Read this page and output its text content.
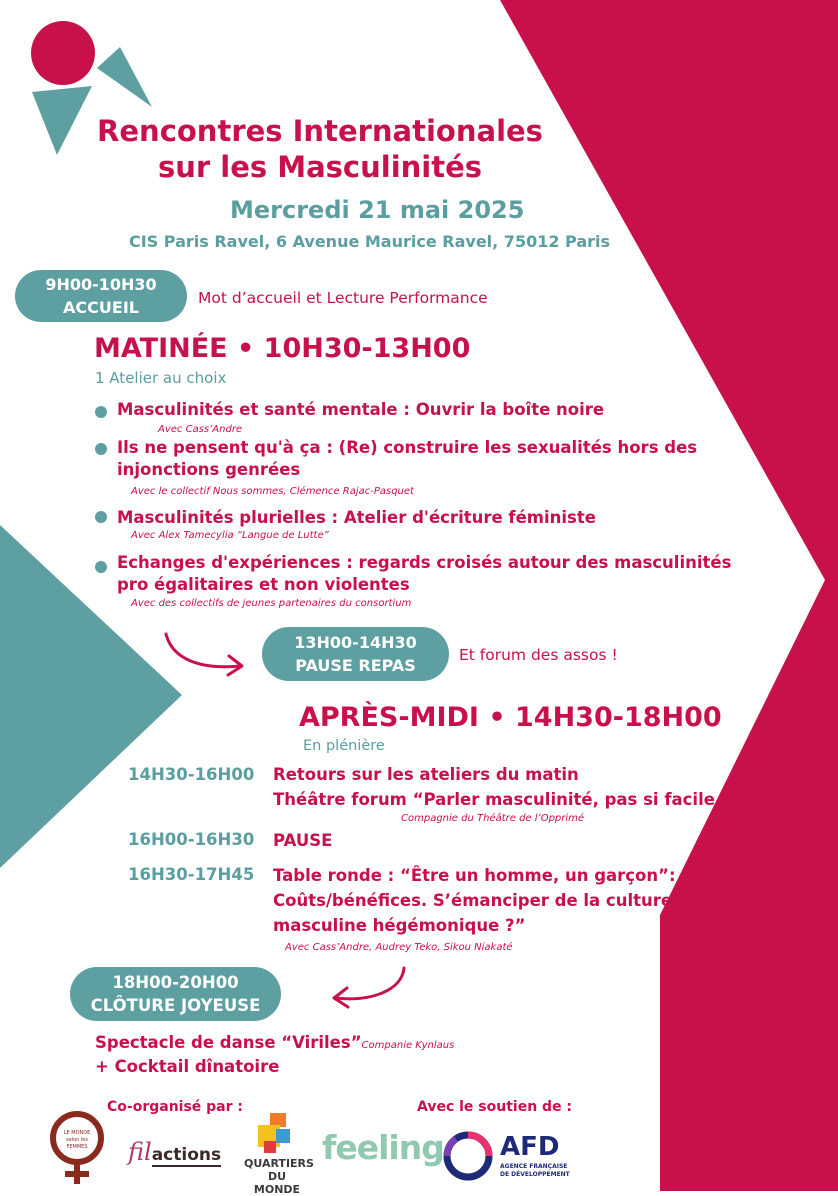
Rencontres Internationales
sur les Masculinités
Mercredi 21 mai 2025
CIS Paris Ravel, 6 Avenue Maurice Ravel, 75012 Paris
9H00-10H30
ACCUEIL	Mot d’accueil et Lecture Performance
MATINÉE • 10H30-13H00
1 Atelier au choix
Masculinités et santé mentale : Ouvrir la boîte noire
Avec Cass’Andre
Ils ne pensent qu'à ça : (Re) construire les sexualités hors des
injonctions genrées
Avec le collectif Nous sommes, Clémence Rajac-Pasquet
Masculinités plurielles : Atelier d'écriture féministe
Avec Alex Tamecylia “Langue de Lutte”
Echanges d'expériences : regards croisés autour des masculinités
pro égalitaires et non violentes
Avec des collectifs de jeunes partenaires du consortium
13H00-14H30
PAUSE REPAS
Et forum des assos !
APRÈS-MIDI • 14H30-18H00
En plénière
14H30-16H00 Retours sur les ateliers du matin
Théâtre forum “Parler masculinité, pas si facile ?”
Compagnie du Théâtre de l’Opprimé
16H00-16H30 PAUSE
16H30-17H45 Table ronde : “Être un homme, un garçon”:
Coûts/bénéfices. S’émanciper de la culture
masculine hégémonique ?”
Avec Cass’Andre, Audrey Teko, Sikou Niakaté
18H00-20H00
CLÔTURE JOYEUSE
Spectacle de danse “Viriles”Companie Kynlaus
+ Cocktail dînatoire
Co-organisé par :	Avec le soutien de :
LE MONDE
selon les
FEMMES filactions QUARTIERS
DU MONDE
feeling AFD
AGENCE FRANÇAISE
DE DÉVELOPPEMENT
